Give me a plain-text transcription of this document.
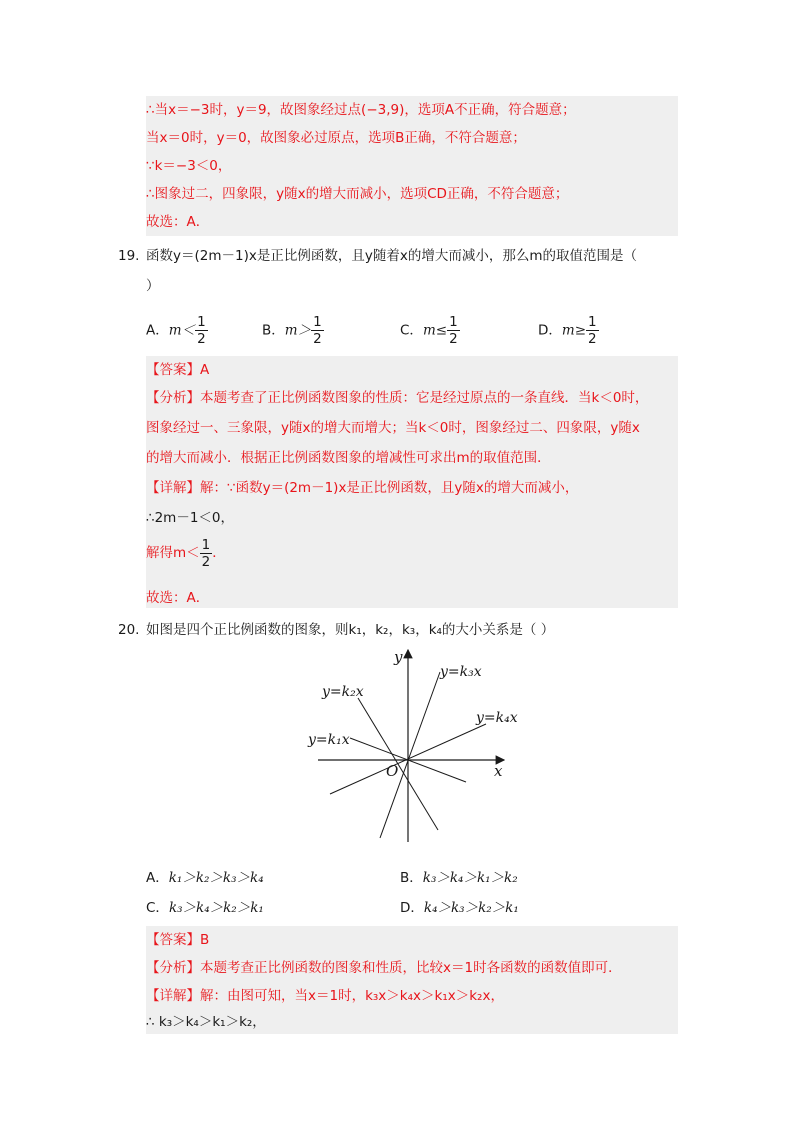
∴当x＝−3时，y＝9，故图象经过点(−3,9)，选项A不正确，符合题意；
当x＝0时，y＝0，故图象必过原点，选项B正确，不符合题意；
∵k＝−3＜0，
∴图象过二，四象限，y随x的增大而减小，选项CD正确，不符合题意；
故选：A．
19. 函数y＝(2m－1)x是正比例函数，且y随着x的增大而减小，那么m的取值范围是（
）
A．$m< \frac{1}{2}$	B．$m> \frac{1}{2}$	C．$m\le \frac{1}{2}$	D．$m\ge \frac{1}{2}$
【答案】A
【分析】本题考查了正比例函数图象的性质：它是经过原点的一条直线．当k＜0时，
图象经过一、三象限，y随x的增大而增大；当k＜0时，图象经过二、四象限，y随x
的增大而减小．根据正比例函数图象的增减性可求出m的取值范围．
【详解】解：∵函数y＝(2m－1)x是正比例函数，且y随x的增大而减小，
∴2m－1＜0，
解得$m< \frac{1}{2}$ ．
故选：A．
20. 如图是四个正比例函数的图象，则k₁，k₂，k₃，k₄的大小关系是（ ）
y
x
O
y=k₃x
y=k₂x
y=k₄x
y=k₁x
A．k₁＞k₂＞k₃＞k₄	B．k₃＞k₄＞k₁＞k₂
C．k₃＞k₄＞k₂＞k₁	D．k₄＞k₃＞k₂＞k₁
【答案】B
【分析】本题考查正比例函数的图象和性质，比较x＝1时各函数的函数值即可．
【详解】解：由图可知，当x＝1时，k₃x＞k₄x＞k₁x＞k₂x，
∴ k₃＞k₄＞k₁＞k₂，
